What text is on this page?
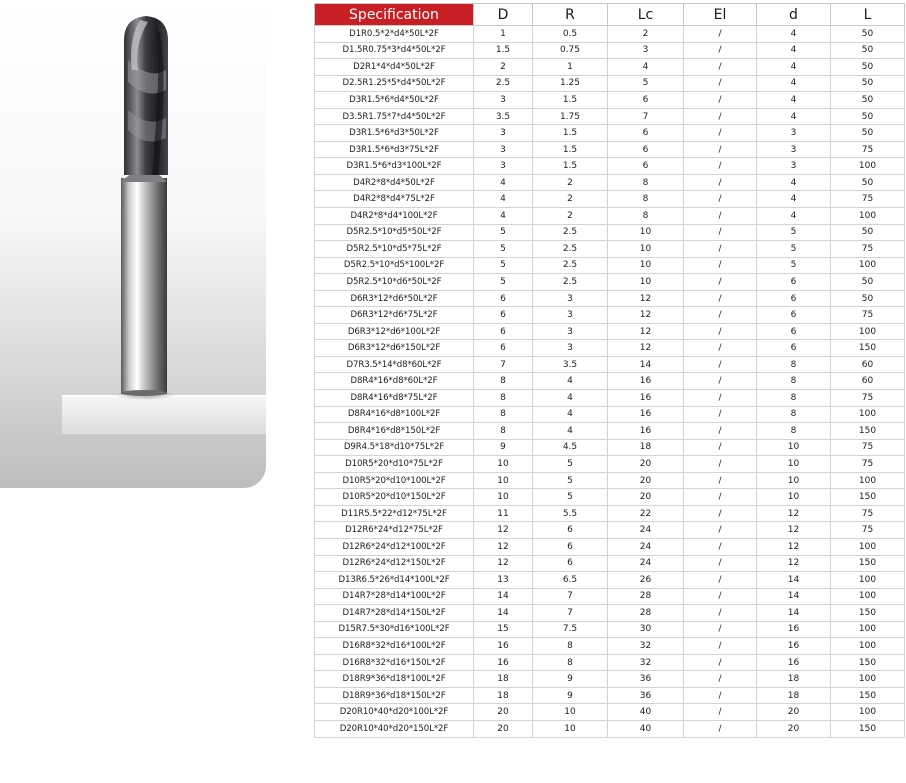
Specification	D	R	Lc	El	d	L
D1R0.5*2*d4*50L*2F	1	0.5	2	/	4	50
D1.5R0.75*3*d4*50L*2F	1.5	0.75	3	/	4	50
D2R1*4*d4*50L*2F	2	1	4	/	4	50
D2.5R1.25*5*d4*50L*2F	2.5	1.25	5	/	4	50
D3R1.5*6*d4*50L*2F	3	1.5	6	/	4	50
D3.5R1.75*7*d4*50L*2F	3.5	1.75	7	/	4	50
D3R1.5*6*d3*50L*2F	3	1.5	6	/	3	50
D3R1.5*6*d3*75L*2F	3	1.5	6	/	3	75
D3R1.5*6*d3*100L*2F	3	1.5	6	/	3	100
D4R2*8*d4*50L*2F	4	2	8	/	4	50
D4R2*8*d4*75L*2F	4	2	8	/	4	75
D4R2*8*d4*100L*2F	4	2	8	/	4	100
D5R2.5*10*d5*50L*2F	5	2.5	10	/	5	50
D5R2.5*10*d5*75L*2F	5	2.5	10	/	5	75
D5R2.5*10*d5*100L*2F	5	2.5	10	/	5	100
D5R2.5*10*d6*50L*2F	5	2.5	10	/	6	50
D6R3*12*d6*50L*2F	6	3	12	/	6	50
D6R3*12*d6*75L*2F	6	3	12	/	6	75
D6R3*12*d6*100L*2F	6	3	12	/	6	100
D6R3*12*d6*150L*2F	6	3	12	/	6	150
D7R3.5*14*d8*60L*2F	7	3.5	14	/	8	60
D8R4*16*d8*60L*2F	8	4	16	/	8	60
D8R4*16*d8*75L*2F	8	4	16	/	8	75
D8R4*16*d8*100L*2F	8	4	16	/	8	100
D8R4*16*d8*150L*2F	8	4	16	/	8	150
D9R4.5*18*d10*75L*2F	9	4.5	18	/	10	75
D10R5*20*d10*75L*2F	10	5	20	/	10	75
D10R5*20*d10*100L*2F	10	5	20	/	10	100
D10R5*20*d10*150L*2F	10	5	20	/	10	150
D11R5.5*22*d12*75L*2F	11	5.5	22	/	12	75
D12R6*24*d12*75L*2F	12	6	24	/	12	75
D12R6*24*d12*100L*2F	12	6	24	/	12	100
D12R6*24*d12*150L*2F	12	6	24	/	12	150
D13R6.5*26*d14*100L*2F	13	6.5	26	/	14	100
D14R7*28*d14*100L*2F	14	7	28	/	14	100
D14R7*28*d14*150L*2F	14	7	28	/	14	150
D15R7.5*30*d16*100L*2F	15	7.5	30	/	16	100
D16R8*32*d16*100L*2F	16	8	32	/	16	100
D16R8*32*d16*150L*2F	16	8	32	/	16	150
D18R9*36*d18*100L*2F	18	9	36	/	18	100
D18R9*36*d18*150L*2F	18	9	36	/	18	150
D20R10*40*d20*100L*2F	20	10	40	/	20	100
D20R10*40*d20*150L*2F	20	10	40	/	20	150
